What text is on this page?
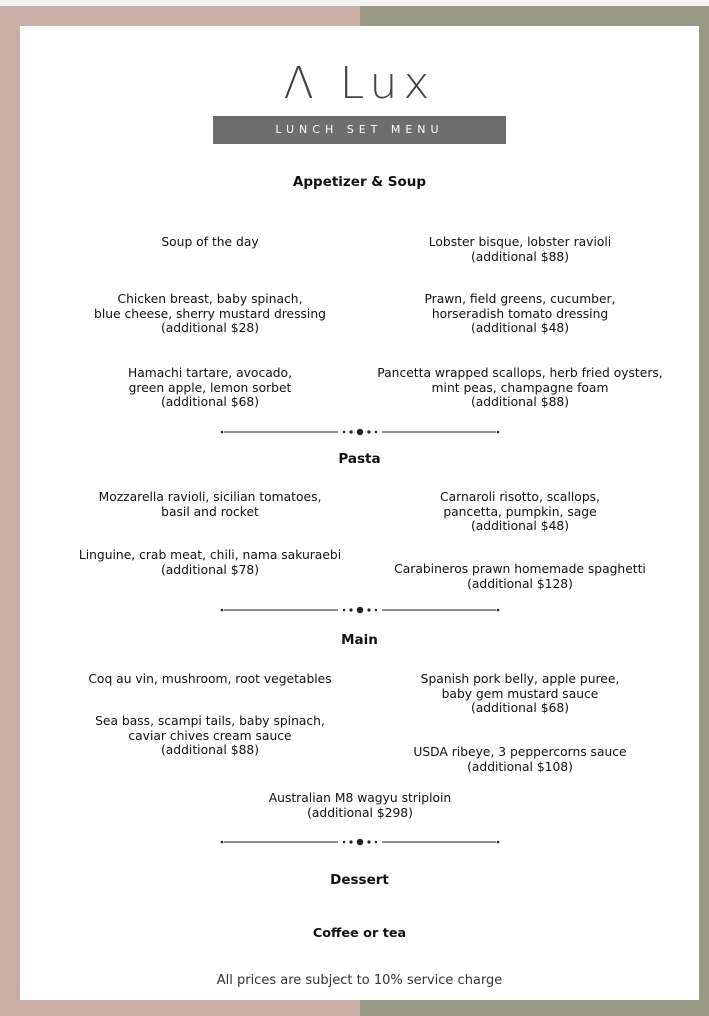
Λ Lux
LUNCH SET MENU
Appetizer & Soup
Soup of the day	Lobster bisque, lobster ravioli
(additional $88)
Chicken breast, baby spinach,
blue cheese, sherry mustard dressing
(additional $28)
Prawn, field greens, cucumber,
horseradish tomato dressing
(additional $48)
Hamachi tartare, avocado,
green apple, lemon sorbet
(additional $68)
Pancetta wrapped scallops, herb fried oysters,
mint peas, champagne foam
(additional $88)
Pasta
Mozzarella ravioli, sicilian tomatoes,
basil and rocket
Carnaroli risotto, scallops,
pancetta, pumpkin, sage
(additional $48)
Linguine, crab meat, chili, nama sakuraebi
(additional $78)	Carabineros prawn homemade spaghetti
(additional $128)
Main
Coq au vin, mushroom, root vegetables	Spanish pork belly, apple puree,
baby gem mustard sauce
(additional $68)
Sea bass, scampi tails, baby spinach,
caviar chives cream sauce
(additional $88)	USDA ribeye, 3 peppercorns sauce
(additional $108)
Australian M8 wagyu striploin
(additional $298)
Dessert
Coffee or tea
All prices are subject to 10% service charge
